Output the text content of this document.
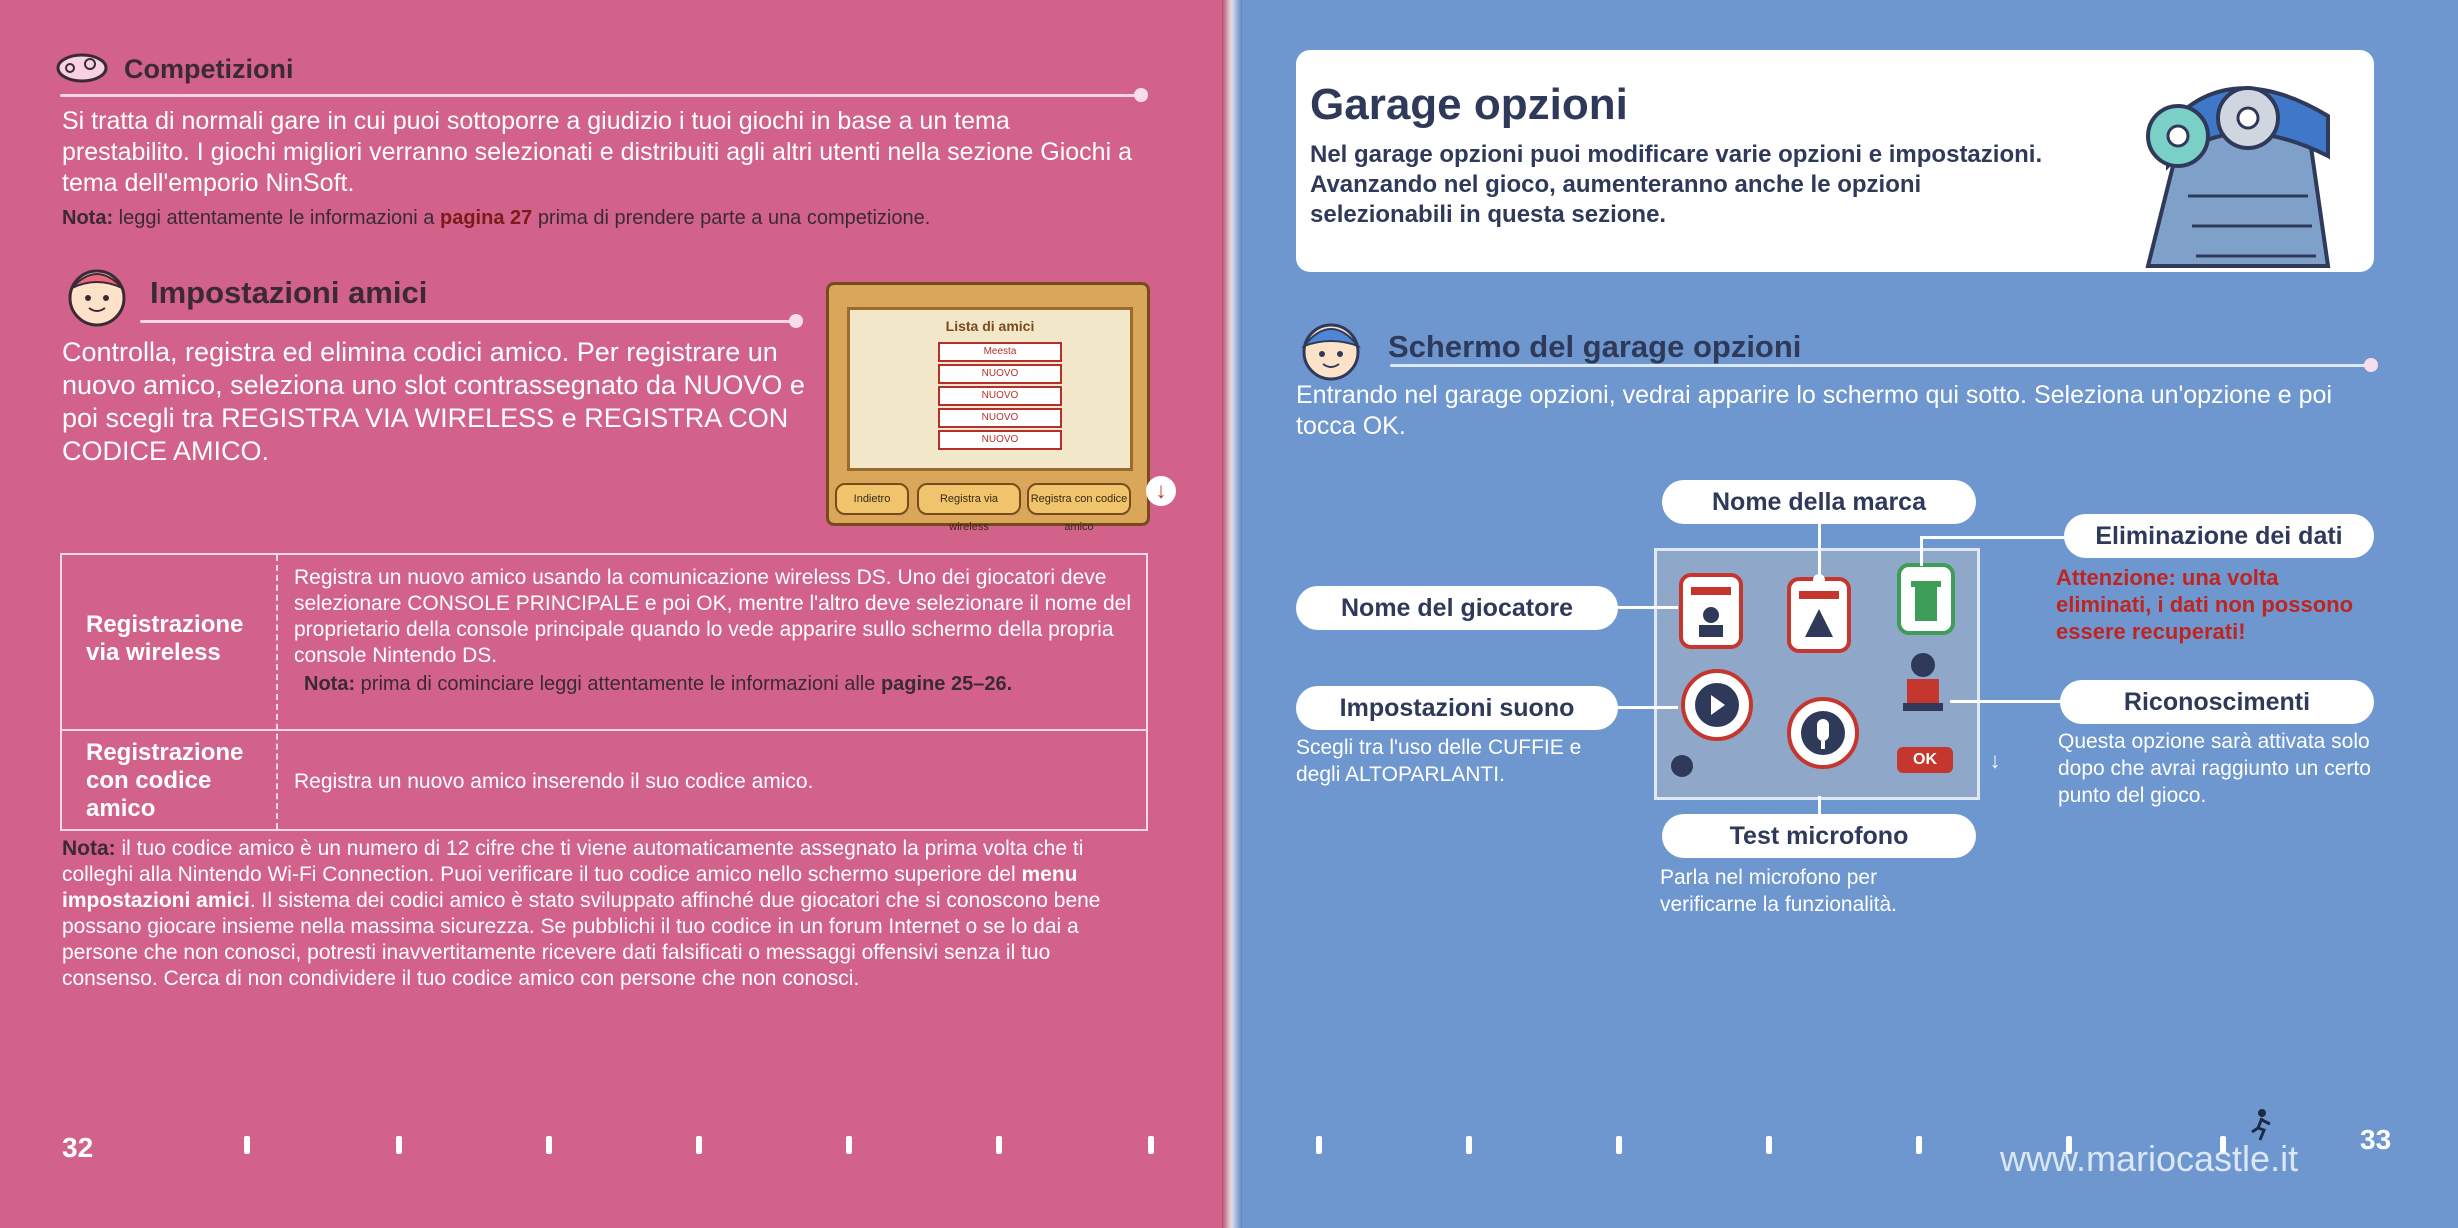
Competizioni
Si tratta di normali gare in cui puoi sottoporre a giudizio i tuoi giochi in base a un tema prestabilito. I giochi migliori verranno selezionati e distribuiti agli altri utenti nella sezione Giochi a tema dell'emporio NinSoft.
Nota: leggi attentamente le informazioni a pagina 27 prima di prendere parte a una competizione.
Impostazioni amici
Controlla, registra ed elimina codici amico. Per registrare un nuovo amico, seleziona uno slot contrassegnato da NUOVO e poi scegli tra REGISTRA VIA WIRELESS e REGISTRA CON CODICE AMICO.
Lista di amici
Meesta
NUOVO
NUOVO
NUOVO
NUOVO
Indietro	Registra via wireless
Registra con codice amico
↓
Registrazione via wireless
Registra un nuovo amico usando la comunicazione wireless DS. Uno dei giocatori deve selezionare CONSOLE PRINCIPALE e poi OK, mentre l'altro deve selezionare il nome del proprietario della console principale quando lo vede apparire sullo schermo della propria console Nintendo DS.
Nota: prima di cominciare leggi attentamente le informazioni alle pagine 25–26.
Registrazione con codice amico
Registra un nuovo amico inserendo il suo codice amico.
Nota: il tuo codice amico è un numero di 12 cifre che ti viene automaticamente assegnato la prima volta che ti colleghi alla Nintendo Wi-Fi Connection. Puoi verificare il tuo codice amico nello schermo superiore del menu impostazioni amici. Il sistema dei codici amico è stato sviluppato affinché due giocatori che si conoscono bene possano giocare insieme nella massima sicurezza. Se pubblichi il tuo codice in un forum Internet o se lo dai a persone che non conosci, potresti inavvertitamente ricevere dati falsificati o messaggi offensivi senza il tuo consenso. Cerca di non condividere il tuo codice amico con persone che non conosci.
32
Garage opzioni
Nel garage opzioni puoi modificare varie opzioni e impostazioni. Avanzando nel gioco, aumenteranno anche le opzioni selezionabili in questa sezione.
Schermo del garage opzioni
Entrando nel garage opzioni, vedrai apparire lo schermo qui sotto. Seleziona un'opzione e poi tocca OK.
OK	↓
Nome della marca
Eliminazione dei dati
Attenzione: una volta eliminati, i dati non possono essere recuperati!
Nome del giocatore
Impostazioni suono
Scegli tra l'uso delle CUFFIE e degli ALTOPARLANTI.
Riconoscimenti
Questa opzione sarà attivata solo dopo che avrai raggiunto un certo punto del gioco.
Test microfono
Parla nel microfono per verificarne la funzionalità.
33
www.mariocastle.it
